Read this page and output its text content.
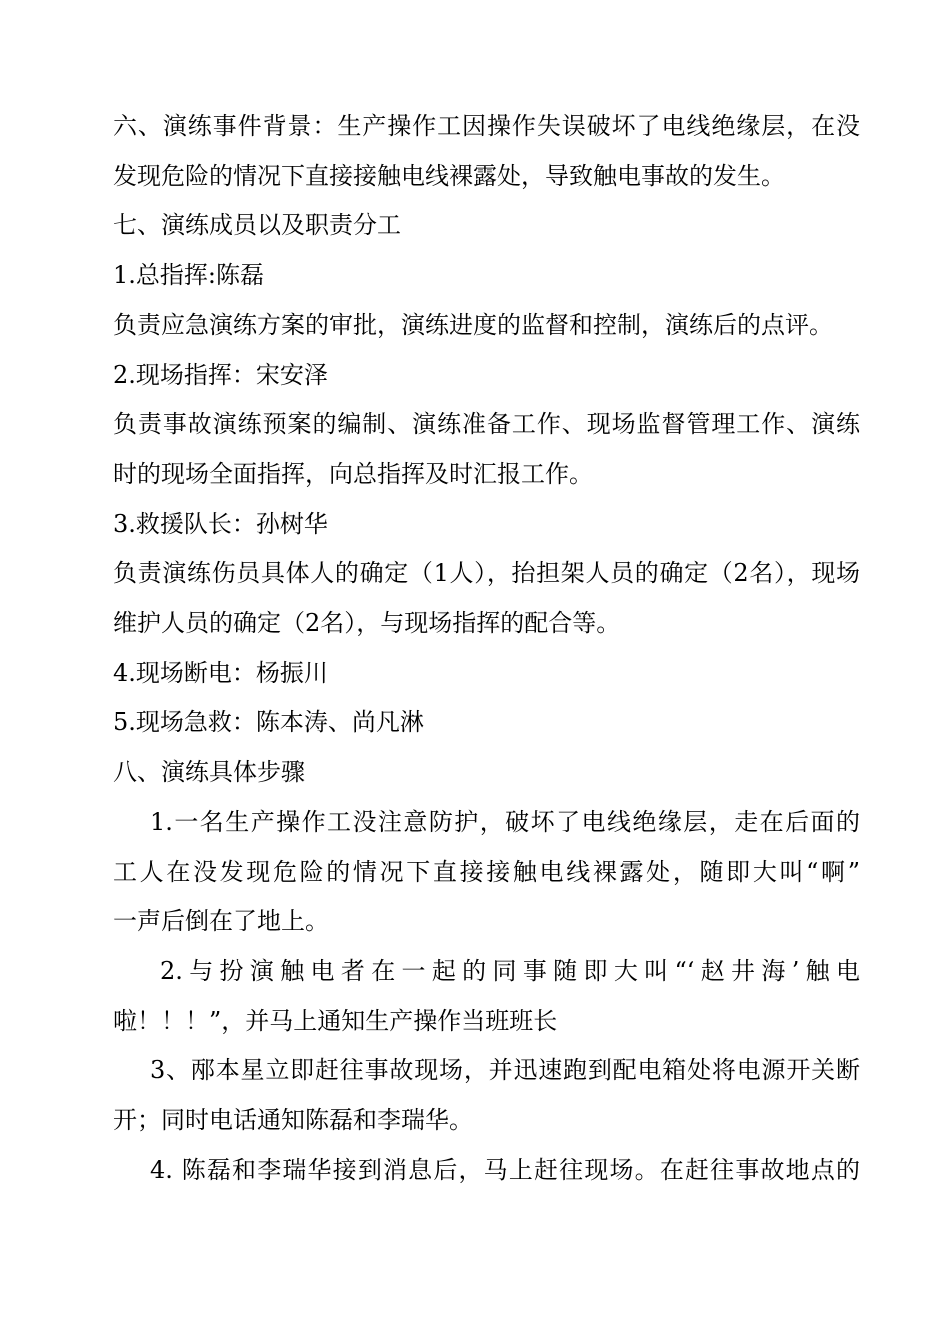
六、演练事件背景：生产操作工因操作失误破坏了电线绝缘层，在没
发现危险的情况下直接接触电线裸露处，导致触电事故的发生。
七、演练成员以及职责分工
1.总指挥:陈磊
负责应急演练方案的审批，演练进度的监督和控制，演练后的点评。
2.现场指挥：宋安泽
负责事故演练预案的编制、演练准备工作、现场监督管理工作、演练
时的现场全面指挥，向总指挥及时汇报工作。
3.救援队长：孙树华
负责演练伤员具体人的确定（1人），抬担架人员的确定（2名），现场
维护人员的确定（2名），与现场指挥的配合等。
4.现场断电：杨振川
5.现场急救：陈本涛、尚凡淋
八、演练具体步骤
1.一名生产操作工没注意防护，破坏了电线绝缘层，走在后面的
工人在没发现危险的情况下直接接触电线裸露处，随即大叫“啊”
一声后倒在了地上。
2.与扮演触电者在一起的同事随即大叫“‘赵井海’触电
啦！！！”，并马上通知生产操作当班班长
3、邴本星立即赶往事故现场，并迅速跑到配电箱处将电源开关断
开；同时电话通知陈磊和李瑞华。
4. 陈磊和李瑞华接到消息后，马上赶往现场。在赶往事故地点的
